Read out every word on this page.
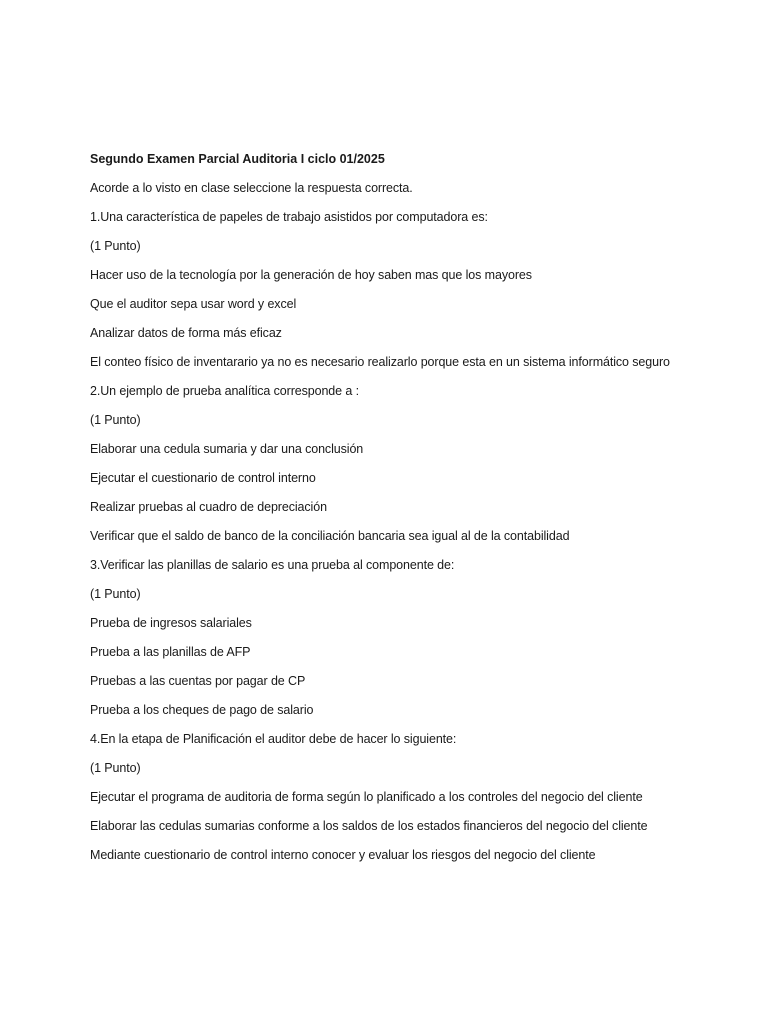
Segundo Examen Parcial Auditoria I ciclo 01/2025

Acorde a lo visto en clase seleccione la respuesta correcta.

1.Una característica de papeles de trabajo asistidos por computadora es:

(1 Punto)

Hacer uso de la tecnología por la generación de hoy saben mas que los mayores

Que el auditor sepa usar word y excel

Analizar datos de forma más eficaz

El conteo físico de inventarario ya no es necesario realizarlo porque esta en un sistema informático seguro

2.Un ejemplo de prueba analítica corresponde a :

(1 Punto)

Elaborar una cedula sumaria y dar una conclusión

Ejecutar el cuestionario de control interno

Realizar pruebas al cuadro de depreciación

Verificar que el saldo de banco de la conciliación bancaria sea igual al de la contabilidad

3.Verificar las planillas de salario es una prueba al componente de:

(1 Punto)

Prueba de ingresos salariales

Prueba a las planillas de AFP

Pruebas a las cuentas por pagar de CP

Prueba a los cheques de pago de salario

4.En la etapa de Planificación el auditor debe de hacer lo siguiente:

(1 Punto)

Ejecutar el programa de auditoria de forma según lo planificado a los controles del negocio del cliente

Elaborar las cedulas sumarias conforme a los saldos de los estados financieros del negocio del cliente

Mediante cuestionario de control interno conocer y evaluar los riesgos del negocio del cliente
